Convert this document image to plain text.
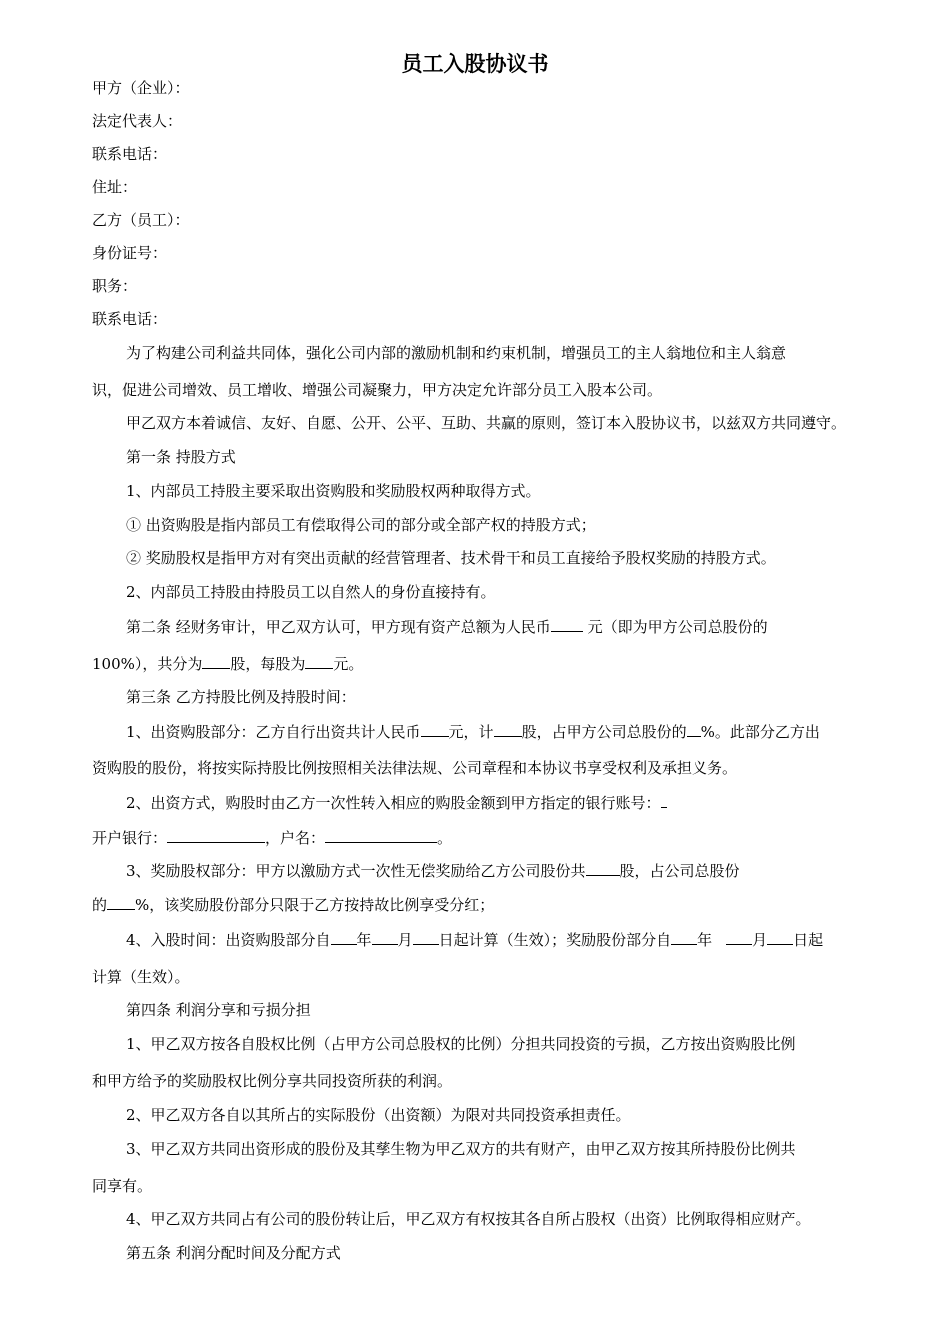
员工入股协议书
甲方（企业）：
法定代表人：
联系电话：
住址：
乙方（员工）：
身份证号：
职务：
联系电话：
为了构建公司利益共同体，强化公司内部的激励机制和约束机制，增强员工的主人翁地位和主人翁意
识，促进公司增效、员工增收、增强公司凝聚力，甲方决定允许部分员工入股本公司。
甲乙双方本着诚信、友好、自愿、公开、公平、互助、共赢的原则，签订本入股协议书，以兹双方共同遵守。
第一条 持股方式
1、内部员工持股主要采取出资购股和奖励股权两种取得方式。
① 出资购股是指内部员工有偿取得公司的部分或全部产权的持股方式；
② 奖励股权是指甲方对有突出贡献的经营管理者、技术骨干和员工直接给予股权奖励的持股方式。
2、内部员工持股由持股员工以自然人的身份直接持有。
第二条 经财务审计，甲乙双方认可，甲方现有资产总额为人民币 元（即为甲方公司总股份的
100%），共分为 股，每股为 元。
第三条 乙方持股比例及持股时间：
1、出资购股部分：乙方自行出资共计人民币 元，计 股，占甲方公司总股份的 %。此部分乙方出
资购股的股份，将按实际持股比例按照相关法律法规、公司章程和本协议书享受权利及承担义务。
2、出资方式，购股时由乙方一次性转入相应的购股金额到甲方指定的银行账号：
开户银行：	，户名：	。
3、奖励股权部分：甲方以激励方式一次性无偿奖励给乙方公司股份共 股，占公司总股份
的 %，该奖励股份部分只限于乙方按持故比例享受分红；
4、入股时间：出资购股部分自 年 月 日起计算（生效）；奖励股份部分自 年	月 日起
计算（生效）。
第四条 利润分享和亏损分担
1、甲乙双方按各自股权比例（占甲方公司总股权的比例）分担共同投资的亏损，乙方按出资购股比例
和甲方给予的奖励股权比例分享共同投资所获的利润。
2、甲乙双方各自以其所占的实际股份（出资额）为限对共同投资承担责任。
3、甲乙双方共同出资形成的股份及其孳生物为甲乙双方的共有财产，由甲乙双方按其所持股份比例共
同享有。
4、甲乙双方共同占有公司的股份转让后，甲乙双方有权按其各自所占股权（出资）比例取得相应财产。
第五条 利润分配时间及分配方式
